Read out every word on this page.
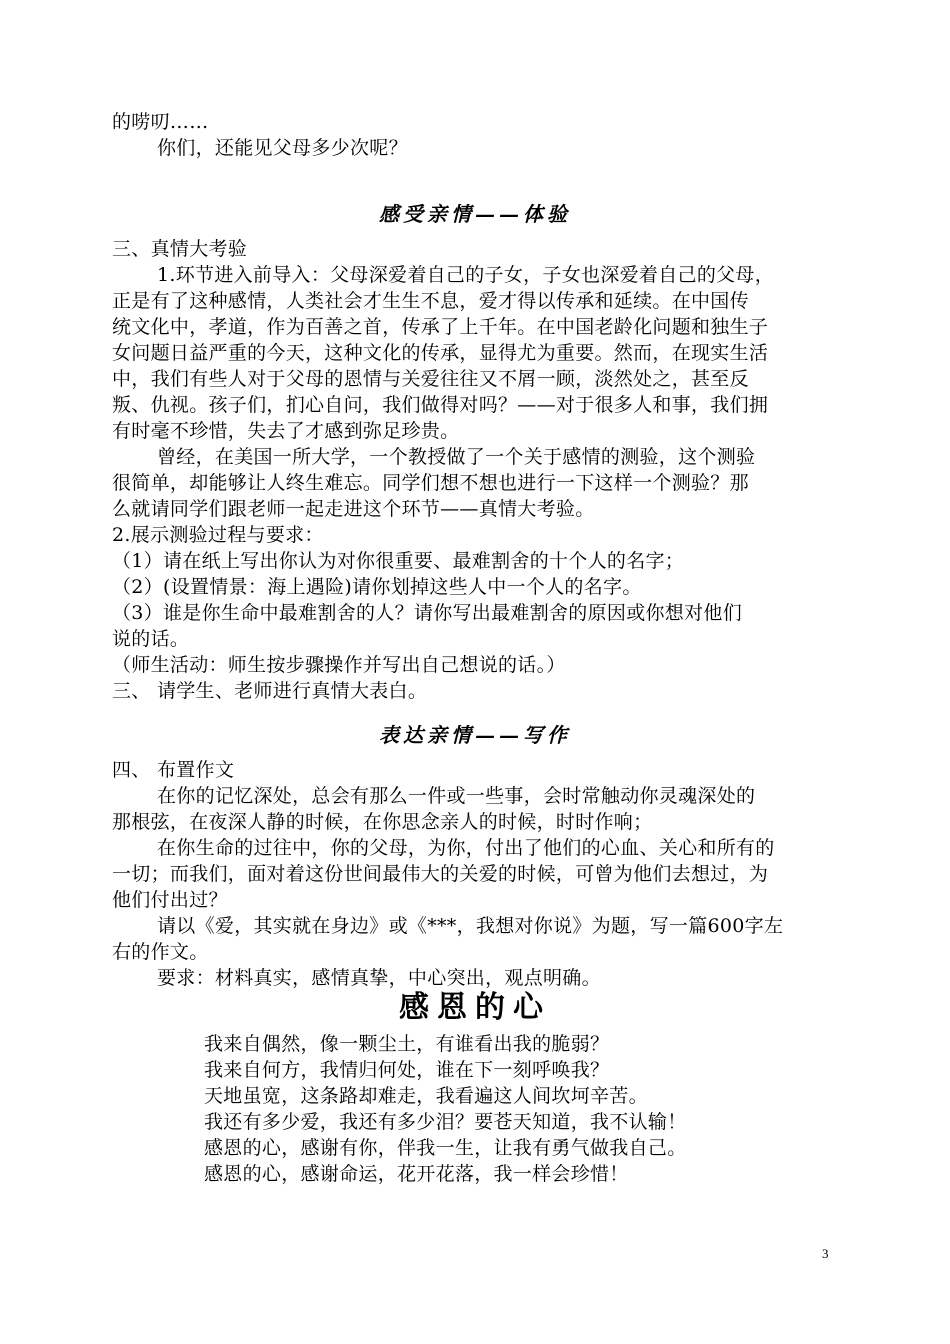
的唠叨……
你们，还能见父母多少次呢？
感受亲情——体验
三、真情大考验
1.环节进入前导入：父母深爱着自己的子女，子女也深爱着自己的父母，
正是有了这种感情，人类社会才生生不息，爱才得以传承和延续。在中国传
统文化中，孝道，作为百善之首，传承了上千年。在中国老龄化问题和独生子
女问题日益严重的今天，这种文化的传承，显得尤为重要。然而，在现实生活
中，我们有些人对于父母的恩情与关爱往往又不屑一顾，淡然处之，甚至反
叛、仇视。孩子们，扪心自问，我们做得对吗？——对于很多人和事，我们拥
有时毫不珍惜，失去了才感到弥足珍贵。
曾经，在美国一所大学，一个教授做了一个关于感情的测验，这个测验
很简单，却能够让人终生难忘。同学们想不想也进行一下这样一个测验？那
么就请同学们跟老师一起走进这个环节——真情大考验。
2.展示测验过程与要求：
（1）请在纸上写出你认为对你很重要、最难割舍的十个人的名字；
（2）(设置情景：海上遇险)请你划掉这些人中一个人的名字。
（3）谁是你生命中最难割舍的人？请你写出最难割舍的原因或你想对他们
说的话。
（师生活动：师生按步骤操作并写出自己想说的话。）
三、 请学生、老师进行真情大表白。
表达亲情——写作
四、 布置作文
在你的记忆深处，总会有那么一件或一些事，会时常触动你灵魂深处的
那根弦，在夜深人静的时候，在你思念亲人的时候，时时作响；
在你生命的过往中，你的父母，为你，付出了他们的心血、关心和所有的
一切；而我们，面对着这份世间最伟大的关爱的时候，可曾为他们去想过，为
他们付出过？
请以《爱，其实就在身边》或《***，我想对你说》为题，写一篇600字左
右的作文。
要求：材料真实，感情真挚，中心突出，观点明确。
感恩的心
我来自偶然，像一颗尘土，有谁看出我的脆弱？
我来自何方，我情归何处，谁在下一刻呼唤我？
天地虽宽，这条路却难走，我看遍这人间坎坷辛苦。
我还有多少爱，我还有多少泪？要苍天知道，我不认输！
感恩的心，感谢有你，伴我一生，让我有勇气做我自己。
感恩的心，感谢命运，花开花落，我一样会珍惜！
3
